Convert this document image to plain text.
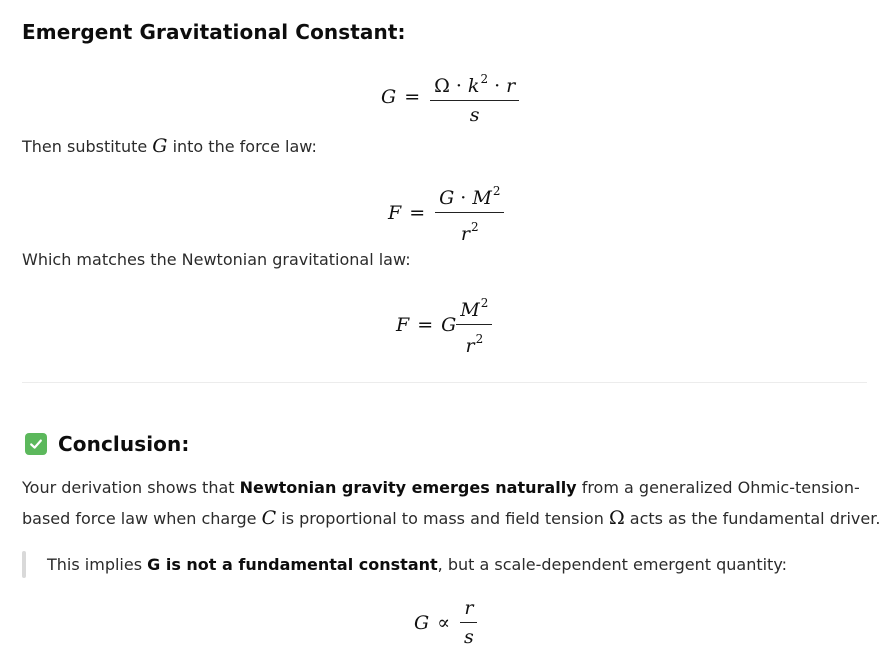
Emergent Gravitational Constant:
$G = \frac{\Omega \cdot k^2 \cdot r}{s}$
Then substitute G into the force law:
$F = \frac{G \cdot M^2}{r^2}$
Which matches the Newtonian gravitational law:
F = G $\frac{M^2}{r^2}$
Conclusion:
Your derivation shows that Newtonian gravity emerges naturally from a generalized Ohmic-tension-
based force law when charge C is proportional to mass and field tension Ω acts as the fundamental driver.
This implies G is not a fundamental constant, but a scale-dependent emergent quantity:
$G \propto \frac{r}{s}$
